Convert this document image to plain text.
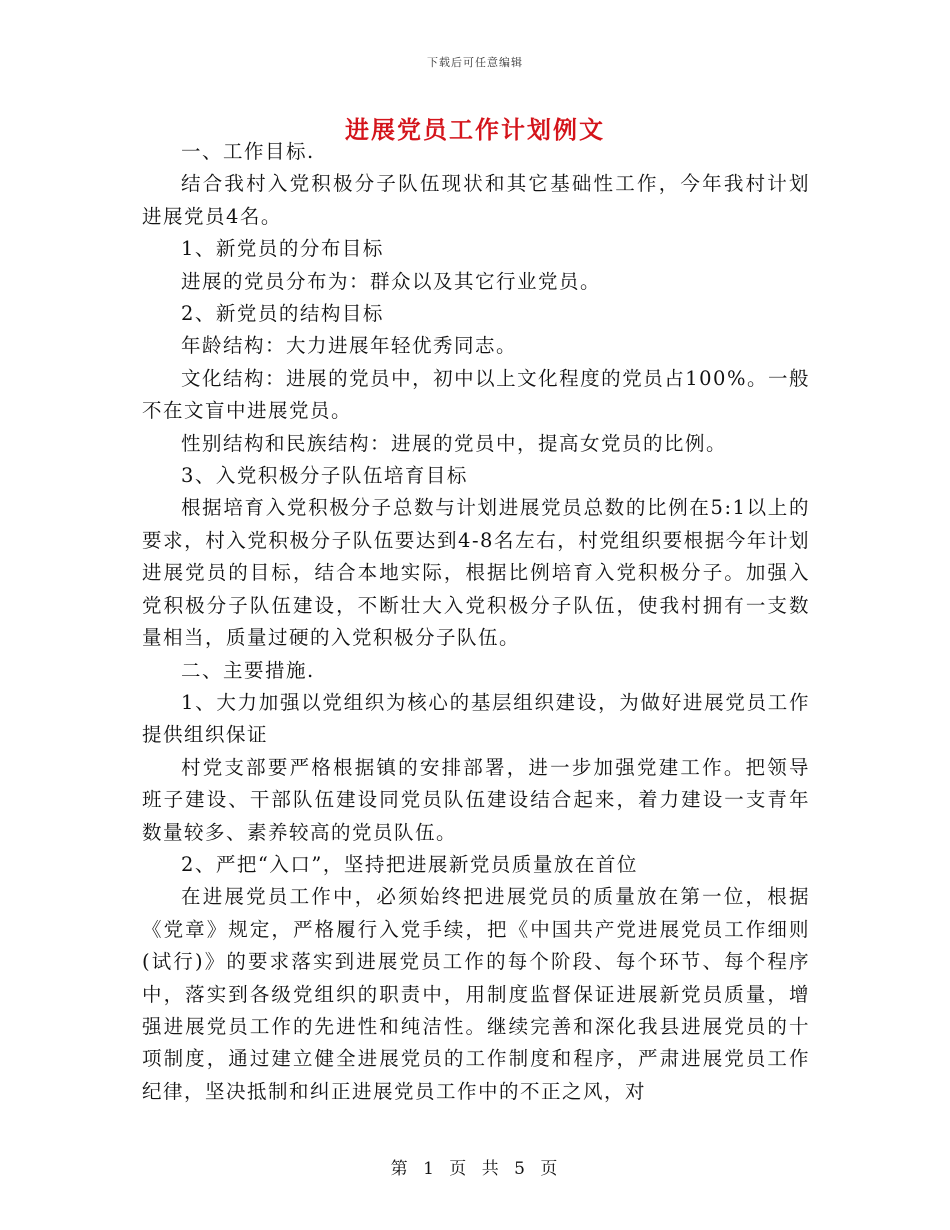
下载后可任意编辑
进展党员工作计划例文

一、工作目标.

结合我村入党积极分子队伍现状和其它基础性工作，今年我村计划进展党员4名。

1、新党员的分布目标

进展的党员分布为：群众以及其它行业党员。

2、新党员的结构目标

年龄结构：大力进展年轻优秀同志。

文化结构：进展的党员中，初中以上文化程度的党员占100%。一般不在文盲中进展党员。

性别结构和民族结构：进展的党员中，提高女党员的比例。

3、入党积极分子队伍培育目标

根据培育入党积极分子总数与计划进展党员总数的比例在5:1以上的要求，村入党积极分子队伍要达到4-8名左右，村党组织要根据今年计划进展党员的目标，结合本地实际，根据比例培育入党积极分子。加强入党积极分子队伍建设，不断壮大入党积极分子队伍，使我村拥有一支数量相当，质量过硬的入党积极分子队伍。

二、主要措施.

1、大力加强以党组织为核心的基层组织建设，为做好进展党员工作提供组织保证

村党支部要严格根据镇的安排部署，进一步加强党建工作。把领导班子建设、干部队伍建设同党员队伍建设结合起来，着力建设一支青年数量较多、素养较高的党员队伍。

2、严把“入口”，坚持把进展新党员质量放在首位

在进展党员工作中，必须始终把进展党员的质量放在第一位，根据《党章》规定，严格履行入党手续，把《中国共产党进展党员工作细则(试行)》的要求落实到进展党员工作的每个阶段、每个环节、每个程序中，落实到各级党组织的职责中，用制度监督保证进展新党员质量，增强进展党员工作的先进性和纯洁性。继续完善和深化我县进展党员的十项制度，通过建立健全进展党员的工作制度和程序，严肃进展党员工作纪律，坚决抵制和纠正进展党员工作中的不正之风，对

第 1 页 共 5 页
